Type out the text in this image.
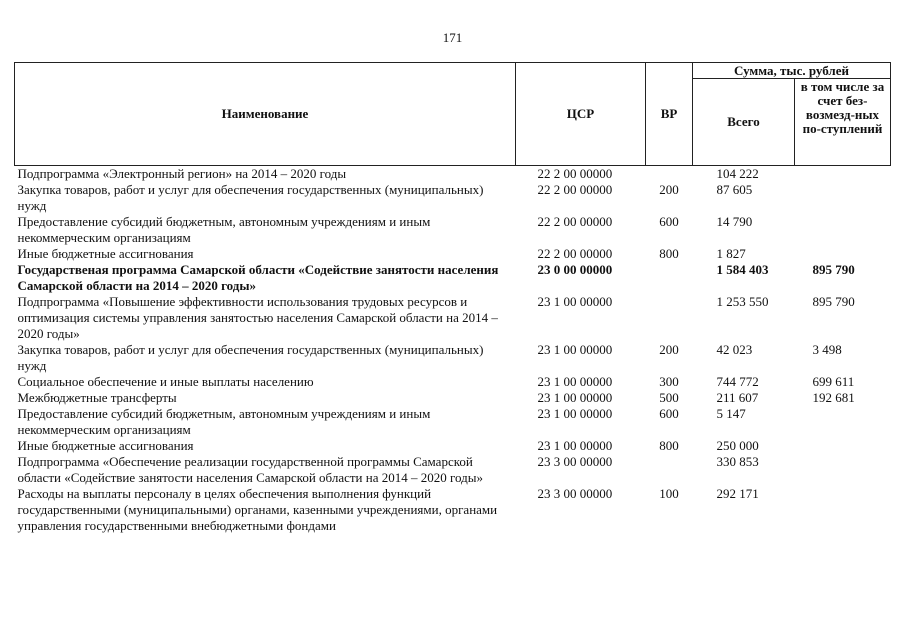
171
Наименование	ЦСР	ВР	Сумма, тыс. рублей	
			Всего	в том числе за счет без-возмезд-ных по-ступлений
Подпрограмма «Электронный регион» на 2014 – 2020 годы	22 2 00 00000		104 222	
Закупка товаров, работ и услуг для обеспечения государственных (муниципальных) нужд	22 2 00 00000	200	87 605	
Предоставление субсидий бюджетным, автономным учреждениям и иным некоммерческим организациям	22 2 00 00000	600	14 790	
Иные бюджетные ассигнования	22 2 00 00000	800	1 827	
Государственая программа Самарской области «Содействие занятости населения Самарской области на 2014 – 2020 годы»	23 0 00 00000		1 584 403	895 790
Подпрограмма «Повышение эффективности использования трудовых ресурсов и оптимизация системы управления занятостью населения Самарской области на 2014 – 2020 годы»	23 1 00 00000		1 253 550	895 790
Закупка товаров, работ и услуг для обеспечения государственных (муниципальных) нужд	23 1 00 00000	200	42 023	3 498
Социальное обеспечение и иные выплаты населению	23 1 00 00000	300	744 772	699 611
Межбюджетные трансферты	23 1 00 00000	500	211 607	192 681
Предоставление субсидий бюджетным, автономным учреждениям и иным некоммерческим организациям	23 1 00 00000	600	5 147	
Иные бюджетные ассигнования	23 1 00 00000	800	250 000	
Подпрограмма «Обеспечение реализации государственной программы Самарской области «Содействие занятости населения Самарской области на 2014 – 2020 годы»	23 3 00 00000		330 853	
Расходы на выплаты персоналу в целях обеспечения выполнения функций государственными (муниципальными) органами, казенными учреждениями, органами управления государственными внебюджетными фондами	23 3 00 00000	100	292 171	
